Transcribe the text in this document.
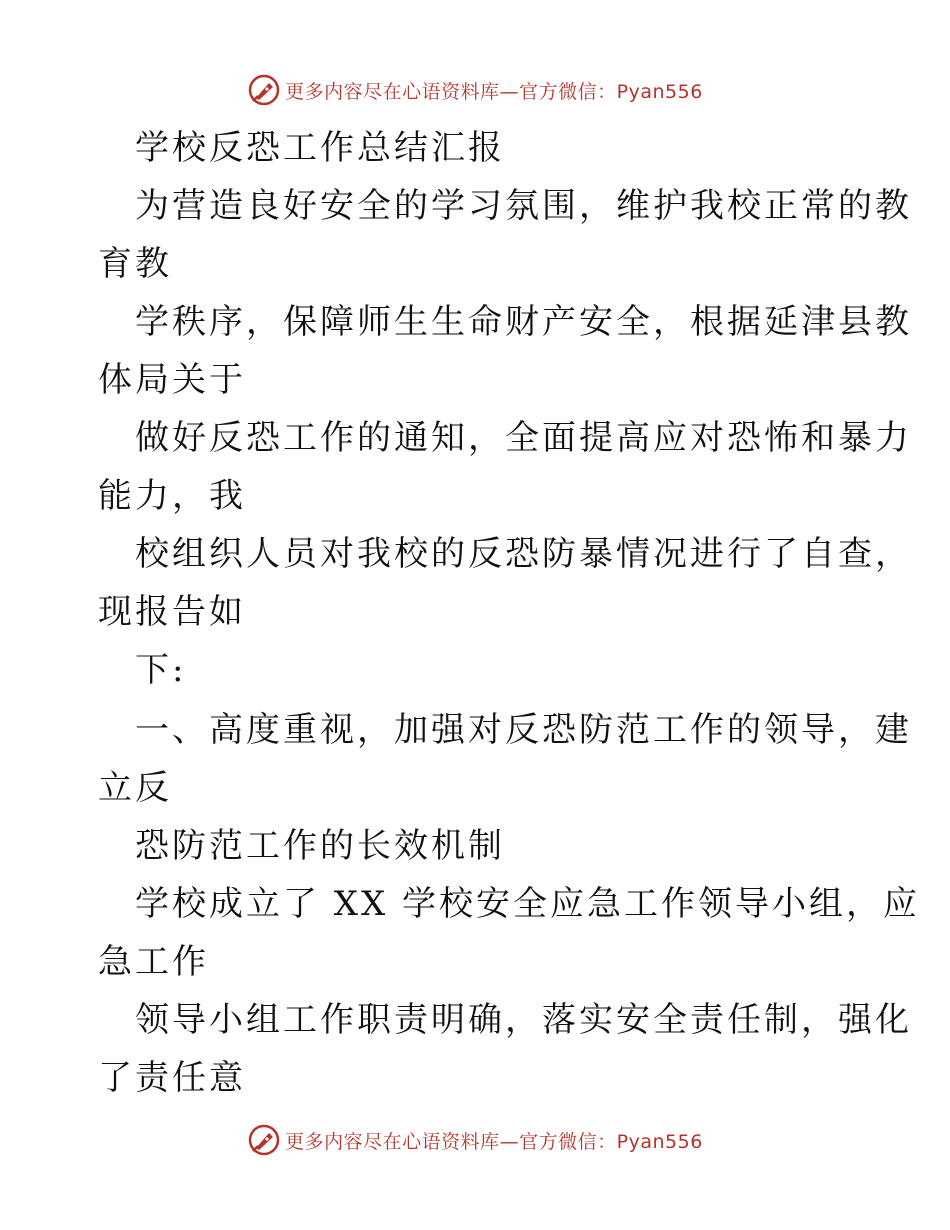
更多内容尽在心语资料库—官方微信：Pyan556

学校反恐工作总结汇报

为营造良好安全的学习氛围，维护我校正常的教

育教

学秩序，保障师生生命财产安全，根据延津县教

体局关于

做好反恐工作的通知，全面提高应对恐怖和暴力

能力，我

校组织人员对我校的反恐防暴情况进行了自查，

现报告如

下:

一、高度重视，加强对反恐防范工作的领导，建

立反

恐防范工作的长效机制

学校成立了 XX 学校安全应急工作领导小组，应

急工作

领导小组工作职责明确，落实安全责任制，强化

了责任意

更多内容尽在心语资料库—官方微信：Pyan556
